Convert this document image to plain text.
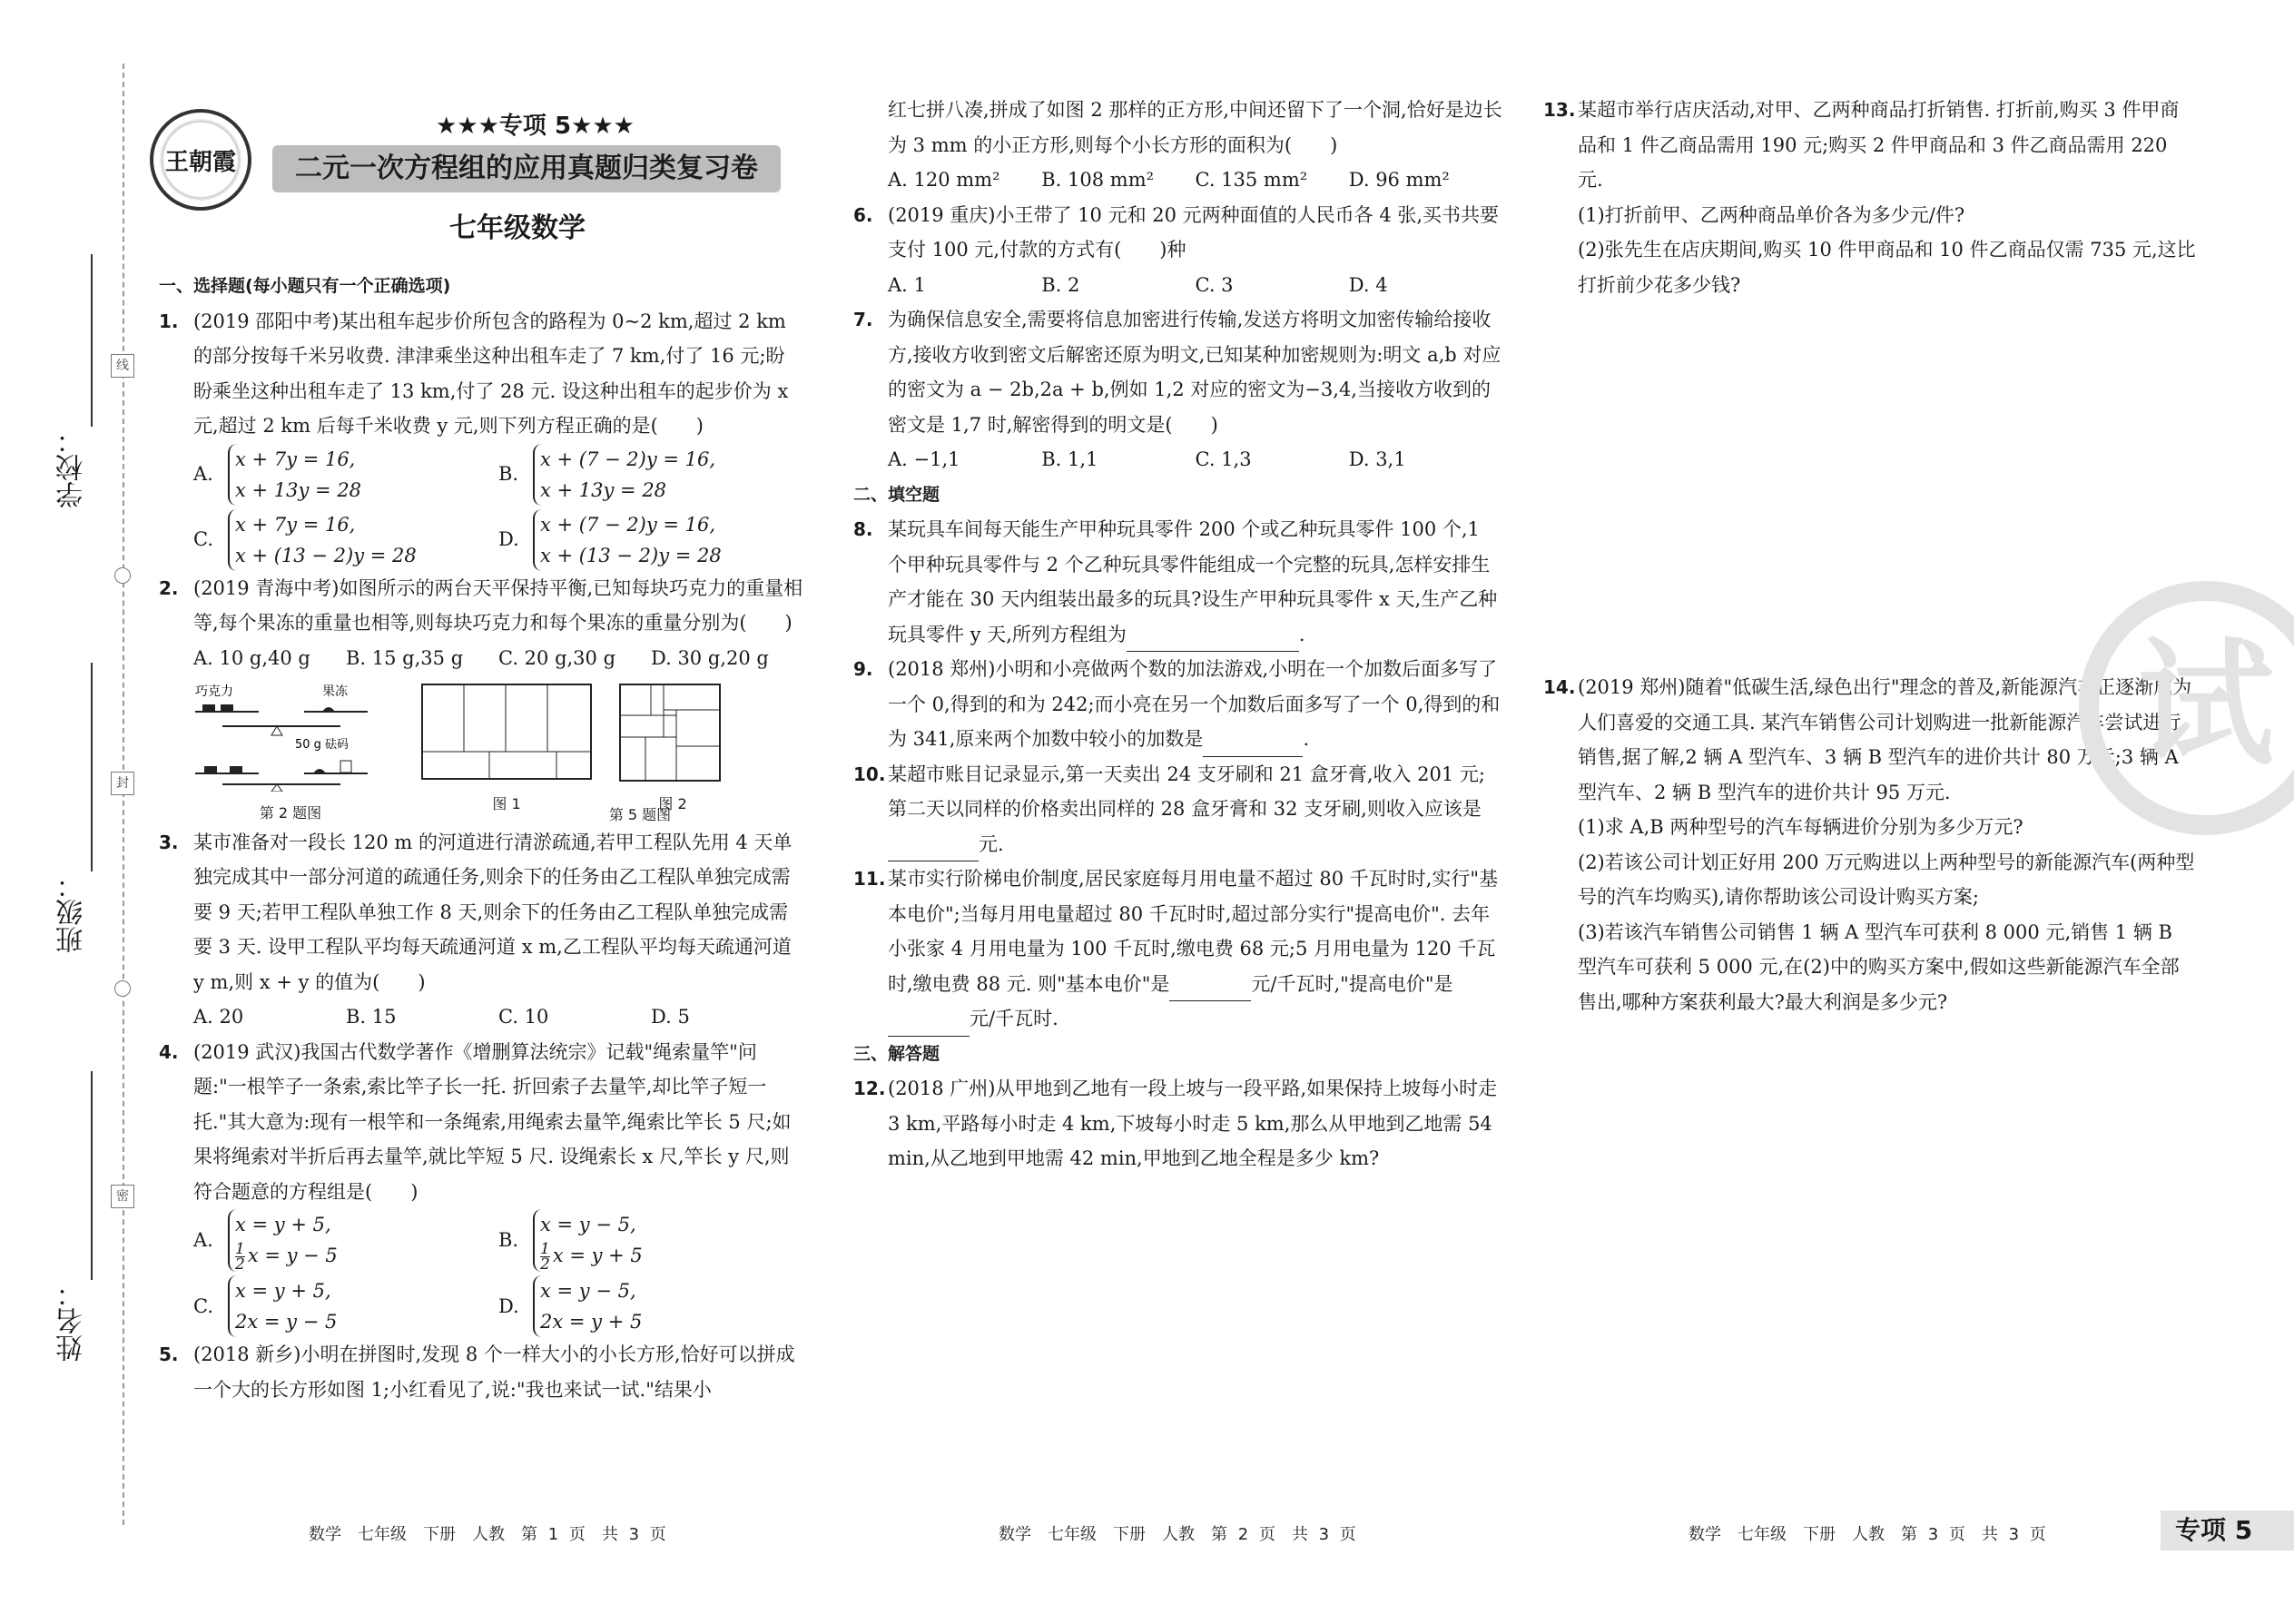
学校：
班级：
姓名：
线
封
密
王朝霞
★★★专项 5★★★
二元一次方程组的应用真题归类复习卷
七年级数学
一、选择题(每小题只有一个正确选项)
1. (2019 邵阳中考)某出租车起步价所包含的路程为 0~2 km,超过 2 km 的部分按每千米另收费. 津津乘坐这种出租车走了 7 km,付了 16 元;盼盼乘坐这种出租车走了 13 km,付了 28 元. 设这种出租车的起步价为 x 元,超过 2 km 后每千米收费 y 元,则下列方程正确的是(　　)
A.
x + 7y = 16,
x + 13y = 28
B.
x + (7 − 2)y = 16,
x + 13y = 28
C.
x + 7y = 16,
x + (13 − 2)y = 28
D.
x + (7 − 2)y = 16,
x + (13 − 2)y = 28
2. (2019 青海中考)如图所示的两台天平保持平衡,已知每块巧克力的重量相等,每个果冻的重量也相等,则每块巧克力和每个果冻的重量分别为(　　)
A. 10 g,40 g	B. 15 g,35 g	C. 20 g,30 g	D. 30 g,20 g
巧克力	果冻
50 g 砝码
第 2 题图
图 1	图 2
第 5 题图
3. 某市准备对一段长 120 m 的河道进行清淤疏通,若甲工程队先用 4 天单独完成其中一部分河道的疏通任务,则余下的任务由乙工程队单独完成需要 9 天;若甲工程队单独工作 8 天,则余下的任务由乙工程队单独完成需要 3 天. 设甲工程队平均每天疏通河道 x m,乙工程队平均每天疏通河道 y m,则 x + y 的值为(　　)
A. 20	B. 15	C. 10	D. 5
4. (2019 武汉)我国古代数学著作《增删算法统宗》记载"绳索量竿"问题:"一根竿子一条索,索比竿子长一托. 折回索子去量竿,却比竿子短一托."其大意为:现有一根竿和一条绳索,用绳索去量竿,绳索比竿长 5 尺;如果将绳索对半折后再去量竿,就比竿短 5 尺. 设绳索长 x 尺,竿长 y 尺,则符合题意的方程组是(　　)
A.
x = y + 5,
$\frac{1}{2}$ x = y − 5
B.
x = y − 5,
$\frac{1}{2}$ x = y + 5
C.
x = y + 5,
2x = y − 5
D.
x = y − 5,
2x = y + 5
5. (2018 新乡)小明在拼图时,发现 8 个一样大小的小长方形,恰好可以拼成一个大的长方形如图 1;小红看见了,说:"我也来试一试."结果小
红七拼八凑,拼成了如图 2 那样的正方形,中间还留下了一个洞,恰好是边长为 3 mm 的小正方形,则每个小长方形的面积为(　　)
A. 120 mm²	B. 108 mm²	C. 135 mm²	D. 96 mm²
6. (2019 重庆)小王带了 10 元和 20 元两种面值的人民币各 4 张,买书共要支付 100 元,付款的方式有(　　)种
A. 1	B. 2	C. 3	D. 4
7. 为确保信息安全,需要将信息加密进行传输,发送方将明文加密传输给接收方,接收方收到密文后解密还原为明文,已知某种加密规则为:明文 a,b 对应的密文为 a − 2b,2a + b,例如 1,2 对应的密文为−3,4,当接收方收到的密文是 1,7 时,解密得到的明文是(　　)
A. −1,1	B. 1,1	C. 1,3	D. 3,1
二、填空题
8. 某玩具车间每天能生产甲种玩具零件 200 个或乙种玩具零件 100 个,1 个甲种玩具零件与 2 个乙种玩具零件能组成一个完整的玩具,怎样安排生产才能在 30 天内组装出最多的玩具?设生产甲种玩具零件 x 天,生产乙种玩具零件 y 天,所列方程组为	.
9. (2018 郑州)小明和小亮做两个数的加法游戏,小明在一个加数后面多写了一个 0,得到的和为 242;而小亮在另一个加数后面多写了一个 0,得到的和为 341,原来两个加数中较小的加数是	.
10. 某超市账目记录显示,第一天卖出 24 支牙刷和 21 盒牙膏,收入 201 元;第二天以同样的价格卖出同样的 28 盒牙膏和 32 支牙刷,则收入应该是元.
11. 某市实行阶梯电价制度,居民家庭每月用电量不超过 80 千瓦时时,实行"基本电价";当每月用电量超过 80 千瓦时时,超过部分实行"提高电价". 去年小张家 4 月用电量为 100 千瓦时,缴电费 68 元;5 月用电量为 120 千瓦时,缴电费 88 元. 则"基本电价"是	元/千瓦时,"提高电价"是元/千瓦时.
三、解答题
12. (2018 广州)从甲地到乙地有一段上坡与一段平路,如果保持上坡每小时走 3 km,平路每小时走 4 km,下坡每小时走 5 km,那么从甲地到乙地需 54 min,从乙地到甲地需 42 min,甲地到乙地全程是多少 km?
13. 某超市举行店庆活动,对甲、乙两种商品打折销售. 打折前,购买 3 件甲商品和 1 件乙商品需用 190 元;购买 2 件甲商品和 3 件乙商品需用 220 元.
(1)打折前甲、乙两种商品单价各为多少元/件?
(2)张先生在店庆期间,购买 10 件甲商品和 10 件乙商品仅需 735 元,这比打折前少花多少钱?
14. (2019 郑州)随着"低碳生活,绿色出行"理念的普及,新能源汽车正逐渐成为人们喜爱的交通工具. 某汽车销售公司计划购进一批新能源汽车尝试进行销售,据了解,2 辆 A 型汽车、3 辆 B 型汽车的进价共计 80 万元;3 辆 A 型汽车、2 辆 B 型汽车的进价共计 95 万元.
(1)求 A,B 两种型号的汽车每辆进价分别为多少万元?
(2)若该公司计划正好用 200 万元购进以上两种型号的新能源汽车(两种型号的汽车均购买),请你帮助该公司设计购买方案;
(3)若该汽车销售公司销售 1 辆 A 型汽车可获利 8 000 元,销售 1 辆 B 型汽车可获利 5 000 元,在(2)中的购买方案中,假如这些新能源汽车全部售出,哪种方案获利最大?最大利润是多少元?
试
数学　七年级　下册　人教　第 1 页　共 3 页	数学　七年级　下册　人教　第 2 页　共 3 页	数学　七年级　下册　人教　第 3 页　共 3 页	专项 5
